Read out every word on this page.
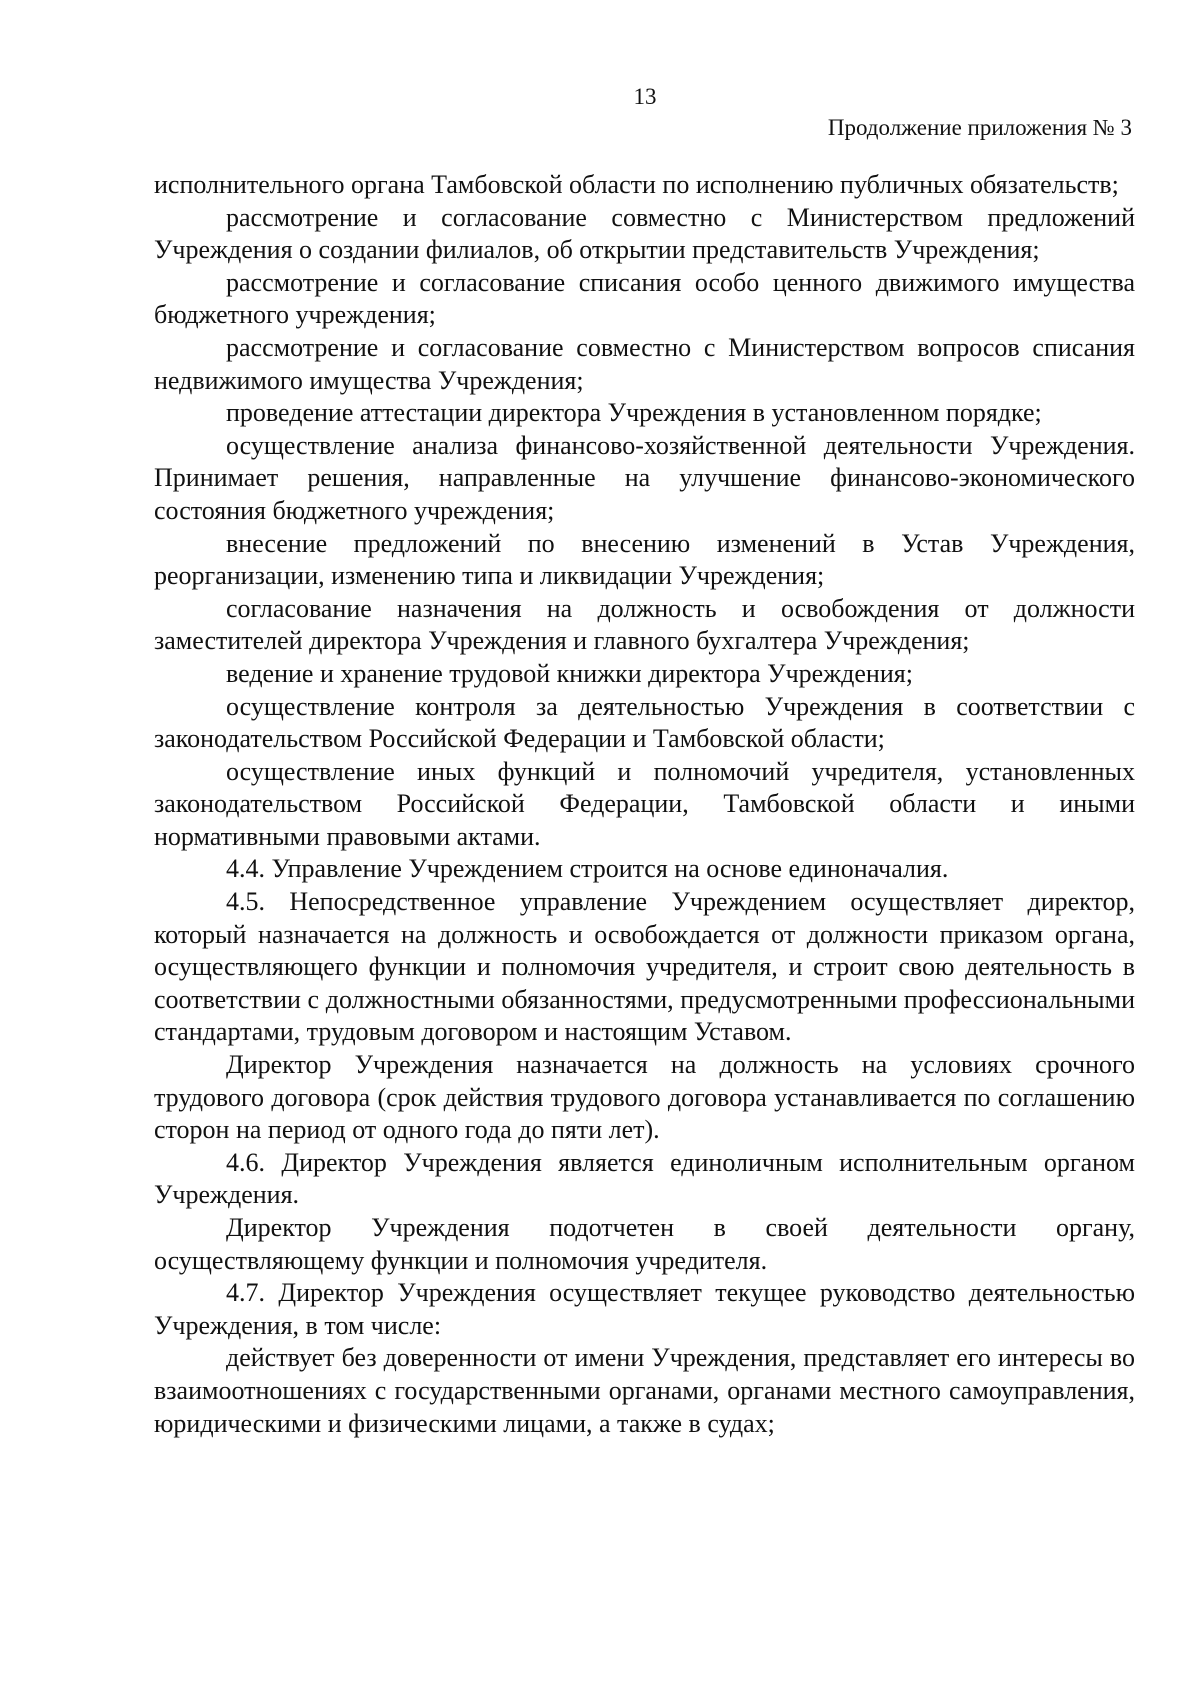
13
Продолжение приложения № 3

исполнительного органа Тамбовской области по исполнению публичных обязательств;

рассмотрение и согласование совместно с Министерством предложений Учреждения о создании филиалов, об открытии представительств Учреждения;

рассмотрение и согласование списания особо ценного движимого имущества бюджетного учреждения;

рассмотрение и согласование совместно с Министерством вопросов списания недвижимого имущества Учреждения;

проведение аттестации директора Учреждения в установленном порядке;

осуществление анализа финансово-хозяйственной деятельности Учреждения. Принимает решения, направленные на улучшение финансово-экономического состояния бюджетного учреждения;

внесение предложений по внесению изменений в Устав Учреждения, реорганизации, изменению типа и ликвидации Учреждения;

согласование назначения на должность и освобождения от должности заместителей директора Учреждения и главного бухгалтера Учреждения;

ведение и хранение трудовой книжки директора Учреждения;

осуществление контроля за деятельностью Учреждения в соответствии с законодательством Российской Федерации и Тамбовской области;

осуществление иных функций и полномочий учредителя, установленных законодательством Российской Федерации, Тамбовской области и иными нормативными правовыми актами.

4.4. Управление Учреждением строится на основе единоначалия.

4.5. Непосредственное управление Учреждением осуществляет директор, который назначается на должность и освобождается от должности приказом органа, осуществляющего функции и полномочия учредителя, и строит свою деятельность в соответствии с должностными обязанностями, предусмотренными профессиональными стандартами, трудовым договором и настоящим Уставом.

Директор Учреждения назначается на должность на условиях срочного трудового договора (срок действия трудового договора устанавливается по соглашению сторон на период от одного года до пяти лет).

4.6. Директор Учреждения является единоличным исполнительным органом Учреждения.

Директор Учреждения подотчетен в своей деятельности органу, осуществляющему функции и полномочия учредителя.

4.7. Директор Учреждения осуществляет текущее руководство деятельностью Учреждения, в том числе:

действует без доверенности от имени Учреждения, представляет его интересы во взаимоотношениях с государственными органами, органами местного самоуправления, юридическими и физическими лицами, а также в судах;
